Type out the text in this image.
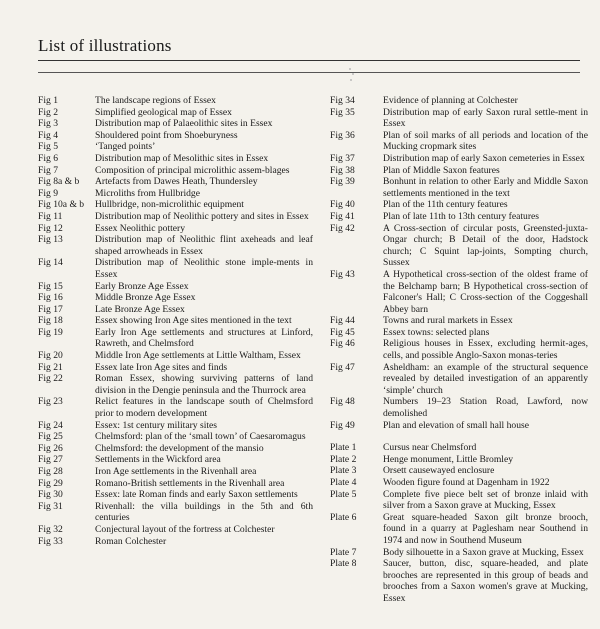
List of illustrations
Fig 1	The landscape regions of Essex
Fig 2	Simplified geological map of Essex
Fig 3	Distribution map of Palaeolithic sites in Essex
Fig 4	Shouldered point from Shoeburyness
Fig 5	‘Tanged points’
Fig 6	Distribution map of Mesolithic sites in Essex
Fig 7	Composition of principal microlithic assem-blages
Fig 8a & b	Artefacts from Dawes Heath, Thundersley
Fig 9	Microliths from Hullbridge
Fig 10a & b	Hullbridge, non-microlithic equipment
Fig 11	Distribution map of Neolithic pottery and sites in Essex
Fig 12	Essex Neolithic pottery
Fig 13	Distribution map of Neolithic flint axeheads and leaf shaped arrowheads in Essex
Fig 14	Distribution map of Neolithic stone imple-ments in Essex
Fig 15	Early Bronze Age Essex
Fig 16	Middle Bronze Age Essex
Fig 17	Late Bronze Age Essex
Fig 18	Essex showing Iron Age sites mentioned in the text
Fig 19	Early Iron Age settlements and structures at Linford, Rawreth, and Chelmsford
Fig 20	Middle Iron Age settlements at Little Waltham, Essex
Fig 21	Essex late Iron Age sites and finds
Fig 22	Roman Essex, showing surviving patterns of land division in the Dengie peninsula and the Thurrock area
Fig 23	Relict features in the landscape south of Chelmsford prior to modern development
Fig 24	Essex: 1st century military sites
Fig 25	Chelmsford: plan of the ‘small town’ of Caesaromagus
Fig 26	Chelmsford: the development of the mansio
Fig 27	Settlements in the Wickford area
Fig 28	Iron Age settlements in the Rivenhall area
Fig 29	Romano-British settlements in the Rivenhall area
Fig 30	Essex: late Roman finds and early Saxon settlements
Fig 31	Rivenhall: the villa buildings in the 5th and 6th centuries
Fig 32	Conjectural layout of the fortress at Colchester
Fig 33	Roman Colchester
Fig 34	Evidence of planning at Colchester
Fig 35	Distribution map of early Saxon rural settle-ment in Essex
Fig 36	Plan of soil marks of all periods and location of the Mucking cropmark sites
Fig 37	Distribution map of early Saxon cemeteries in Essex
Fig 38	Plan of Middle Saxon features
Fig 39	Bonhunt in relation to other Early and Middle Saxon settlements mentioned in the text
Fig 40	Plan of the 11th century features
Fig 41	Plan of late 11th to 13th century features
Fig 42	A Cross-section of circular posts, Greensted-juxta-Ongar church; B Detail of the door, Hadstock church; C Squint lap-joints, Sompting church, Sussex
Fig 43	A Hypothetical cross-section of the oldest frame of the Belchamp barn; B Hypothetical cross-section of Falconer's Hall; C Cross-section of the Coggeshall Abbey barn
Fig 44	Towns and rural markets in Essex
Fig 45	Essex towns: selected plans
Fig 46	Religious houses in Essex, excluding hermit-ages, cells, and possible Anglo-Saxon monas-teries
Fig 47	Asheldham: an example of the structural sequence revealed by detailed investigation of an apparently ‘simple’ church
Fig 48	Numbers 19–23 Station Road, Lawford, now demolished
Fig 49	Plan and elevation of small hall house
Plate 1	Cursus near Chelmsford
Plate 2	Henge monument, Little Bromley
Plate 3	Orsett causewayed enclosure
Plate 4	Wooden figure found at Dagenham in 1922
Plate 5	Complete five piece belt set of bronze inlaid with silver from a Saxon grave at Mucking, Essex
Plate 6	Great square-headed Saxon gilt bronze brooch, found in a quarry at Paglesham near Southend in 1974 and now in Southend Museum
Plate 7	Body silhouette in a Saxon grave at Mucking, Essex
Plate 8	Saucer, button, disc, square-headed, and plate brooches are represented in this group of beads and brooches from a Saxon women's grave at Mucking, Essex
